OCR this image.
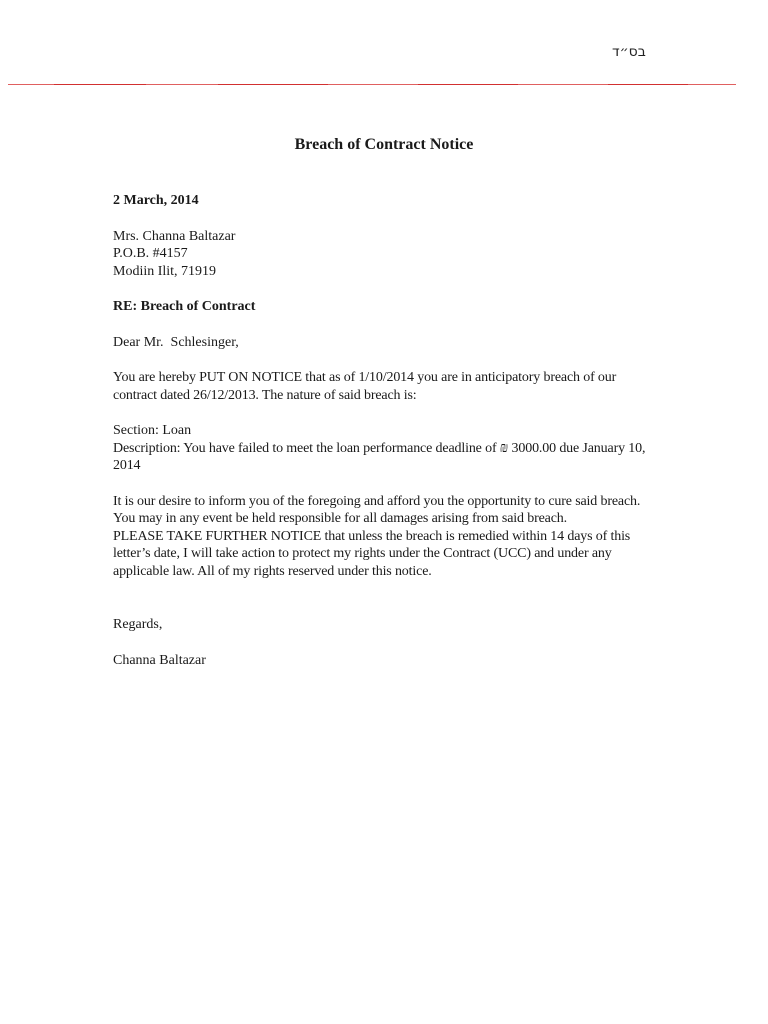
בס״ד
Breach of Contract Notice

2 March, 2014

Mrs. Channa Baltazar

P.O.B. #4157

Modiin Ilit, 71919

RE: Breach of Contract

Dear Mr.  Schlesinger,

You are hereby PUT ON NOTICE that as of 1/10/2014 you are in anticipatory breach of our contract dated 26/12/2013. The nature of said breach is:

Section: Loan

Description: You have failed to meet the loan performance deadline of ₪ 3000.00 due January 10, 2014

It is our desire to inform you of the foregoing and afford you the opportunity to cure said breach. You may in any event be held responsible for all damages arising from said breach.

PLEASE TAKE FURTHER NOTICE that unless the breach is remedied within 14 days of this letter’s date, I will take action to protect my rights under the Contract (UCC) and under any applicable law. All of my rights reserved under this notice.

Regards,

Channa Baltazar
